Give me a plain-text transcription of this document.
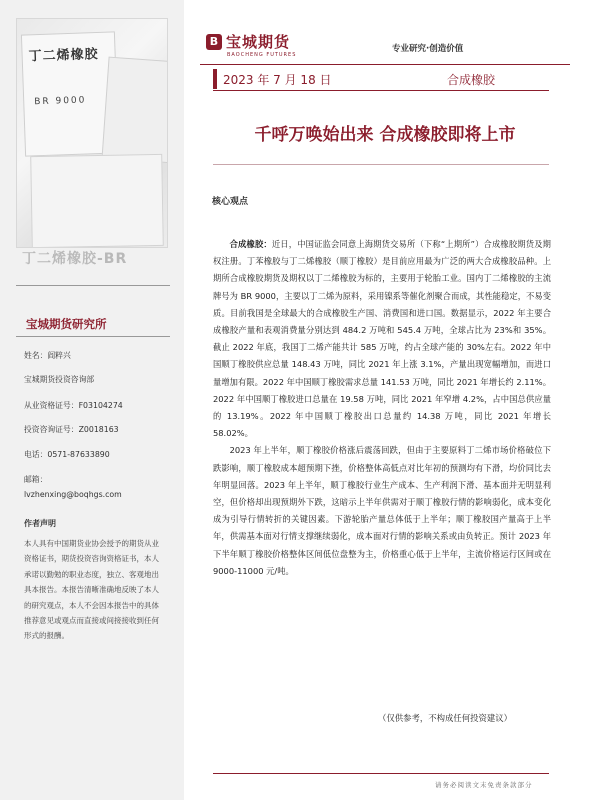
丁二烯橡胶
BR 9000
丁二烯橡胶-BR
宝城期货研究所
姓名：阎粹兴
宝城期货投资咨询部
从业资格证号：F03104274
投资咨询证号：Z0018163
电话：0571-87633890
邮箱：
lvzhenxing@boqhgs.com
作者声明
本人具有中国期货业协会授予的期货从业资格证书，期货投资咨询资格证书，本人承诺以勤勉的职业态度，独立、客观地出具本报告。本报告清晰准确地反映了本人的研究观点，本人不会因本报告中的具体推荐意见或观点而直接或间接接收到任何形式的报酬。
B 宝城期货
BAOCHENG FUTURES
专业研究·创造价值
2023 年 7 月 18 日	合成橡胶
千呼万唤始出来 合成橡胶即将上市
核心观点

合成橡胶：近日，中国证监会同意上海期货交易所（下称“上期所”）合成橡胶期货及期权注册。丁苯橡胶与丁二烯橡胶（顺丁橡胶）是目前应用最为广泛的两大合成橡胶品种。上期所合成橡胶期货及期权以丁二烯橡胶为标的，主要用于轮胎工业。国内丁二烯橡胶的主流牌号为 BR 9000，主要以丁二烯为原料，采用镍系等催化剂聚合而成，其性能稳定，不易变质。目前我国是全球最大的合成橡胶生产国、消费国和进口国。数据显示，2022 年主要合成橡胶产量和表观消费量分别达到 484.2 万吨和 545.4 万吨，全球占比为 23%和 35%。截止 2022 年底，我国丁二烯产能共计 585 万吨，约占全球产能的 30%左右。2022 年中国顺丁橡胶供应总量 148.43 万吨，同比 2021 年上涨 3.1%，产量出现宽幅增加，而进口量增加有限。2022 年中国顺丁橡胶需求总量 141.53 万吨，同比 2021 年增长约 2.11%。2022 年中国顺丁橡胶进口总量在 19.58 万吨，同比 2021 年窄增 4.2%，占中国总供应量的 13.19%。2022 年中国顺丁橡胶出口总量约 14.38 万吨，同比 2021 年增长 58.02%。

2023 年上半年，顺丁橡胶价格涨后震荡回跌，但由于主要原料丁二烯市场价格破位下跌影响，顺丁橡胶成本超预期下挫，价格整体高低点对比年初的预测均有下滑，均价同比去年明显回落。2023 年上半年，顺丁橡胶行业生产成本、生产利润下滑、基本面并无明显利空，但价格却出现预期外下跌，这暗示上半年供需对于顺丁橡胶行情的影响弱化，成本变化成为引导行情转折的关键因素。下游轮胎产量总体低于上半年；顺丁橡胶国产量高于上半年，供需基本面对行情支撑继续弱化，成本面对行情的影响关系或由负转正。预计 2023 年下半年顺丁橡胶价格整体区间低位盘整为主，价格重心低于上半年，主流价格运行区间或在 9000-11000 元/吨。

（仅供参考，不构成任何投资建议）
请务必阅读文末免责条款部分
